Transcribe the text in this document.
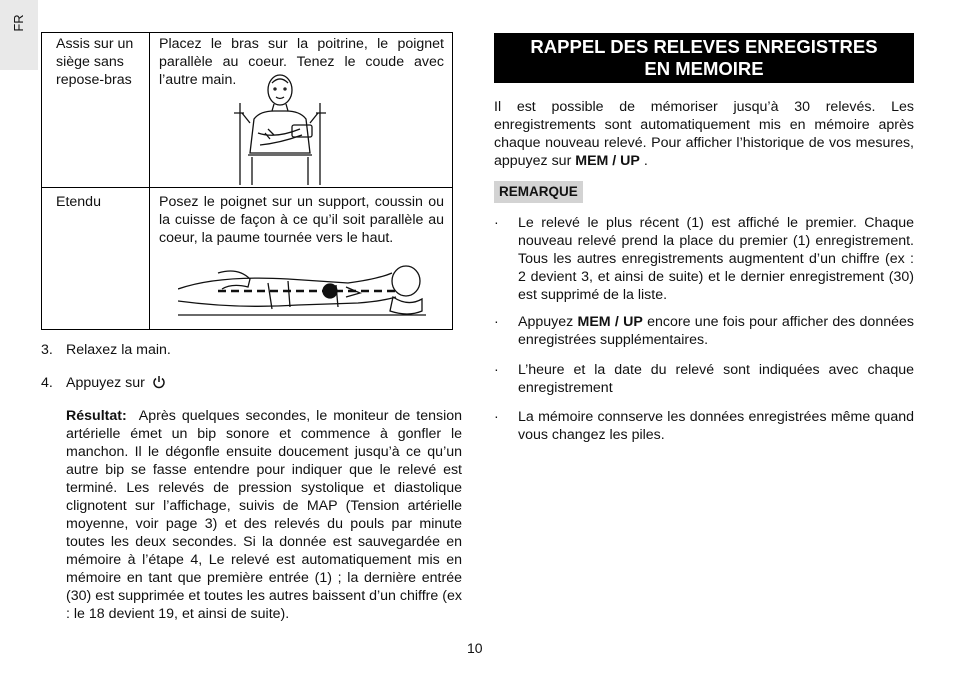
FR
Assis sur un siège sans repose-bras
Placez le bras sur la poitrine, le poignet parallèle au coeur. Tenez le coude avec l’autre main.
Etendu	Posez le poignet sur un support, coussin ou la cuisse de façon à ce qu’il soit parallèle au coeur, la paume tournée vers le haut.
3. Relaxez la main.
4. Appuyez sur
Résultat: Après quelques secondes, le moniteur de tension artérielle émet un bip sonore et commence à gonfler le manchon. Il le dégonfle ensuite doucement jusqu’à ce qu’un autre bip se fasse entendre pour indiquer que le relevé est terminé. Les relevés de pression systolique et diastolique clignotent sur l’affichage, suivis de MAP (Tension artérielle moyenne, voir page 3) et des relevés du pouls par minute toutes les deux secondes. Si la donnée est sauvegardée en mémoire à l’étape 4, Le relevé est automatiquement mis en mémoire en tant que première entrée (1) ; la dernière entrée (30) est supprimée et toutes les autres baissent d’un chiffre (ex : le 18 devient 19, et ainsi de suite).
10
RAPPEL DES RELEVES ENREGISTRES
EN MEMOIRE
Il est possible de mémoriser jusqu’à 30 relevés. Les enregistrements sont automatiquement mis en mémoire après chaque nouveau relevé. Pour afficher l’historique de vos mesures, appuyez sur MEM / UP .
REMARQUE
· Le relevé le plus récent (1) est affiché le premier. Chaque nouveau relevé prend la place du premier (1) enregistrement. Tous les autres enregistrements augmentent d’un chiffre (ex : 2 devient 3, et ainsi de suite) et le dernier enregistrement (30) est supprimé de la liste.
· Appuyez MEM / UP encore une fois pour afficher des données enregistrées supplémentaires.
· L’heure et la date du relevé sont indiquées avec chaque enregistrement
· La mémoire connserve les données enregistrées même quand vous changez les piles.
